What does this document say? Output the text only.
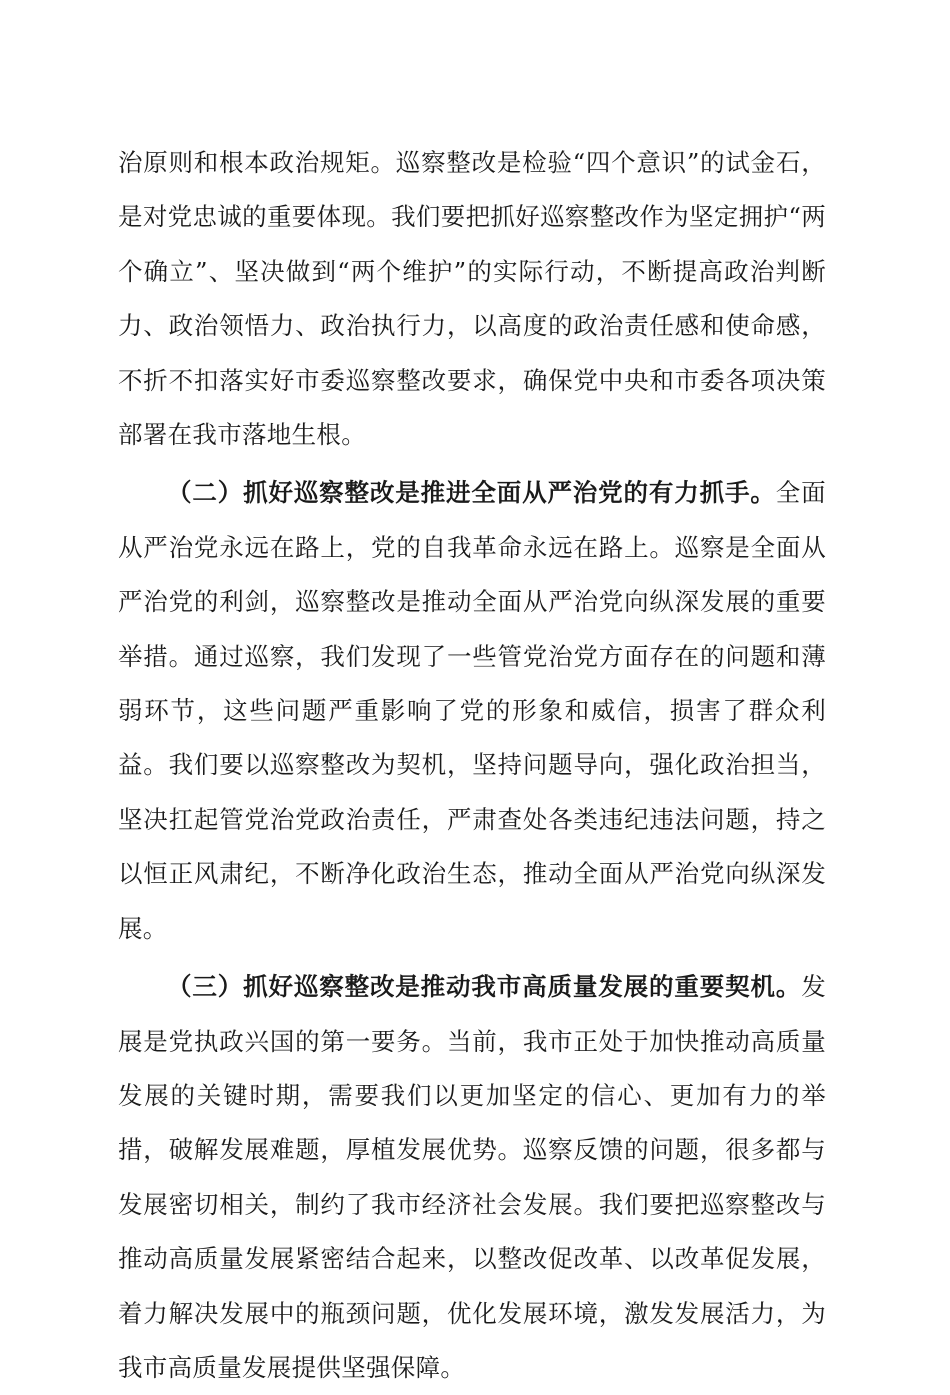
治原则和根本政治规矩。巡察整改是检验“四个意识”的试金石，是对党忠诚的重要体现。我们要把抓好巡察整改作为坚定拥护“两个确立”、坚决做到“两个维护”的实际行动，不断提高政治判断力、政治领悟力、政治执行力，以高度的政治责任感和使命感，不折不扣落实好市委巡察整改要求，确保党中央和市委各项决策部署在我市落地生根。

（二）抓好巡察整改是推进全面从严治党的有力抓手。全面从严治党永远在路上，党的自我革命永远在路上。巡察是全面从严治党的利剑，巡察整改是推动全面从严治党向纵深发展的重要举措。通过巡察，我们发现了一些管党治党方面存在的问题和薄弱环节，这些问题严重影响了党的形象和威信，损害了群众利益。我们要以巡察整改为契机，坚持问题导向，强化政治担当，坚决扛起管党治党政治责任，严肃查处各类违纪违法问题，持之以恒正风肃纪，不断净化政治生态，推动全面从严治党向纵深发展。

（三）抓好巡察整改是推动我市高质量发展的重要契机。发展是党执政兴国的第一要务。当前，我市正处于加快推动高质量发展的关键时期，需要我们以更加坚定的信心、更加有力的举措，破解发展难题，厚植发展优势。巡察反馈的问题，很多都与发展密切相关，制约了我市经济社会发展。我们要把巡察整改与推动高质量发展紧密结合起来，以整改促改革、以改革促发展，着力解决发展中的瓶颈问题，优化发展环境，激发发展活力，为我市高质量发展提供坚强保障。
